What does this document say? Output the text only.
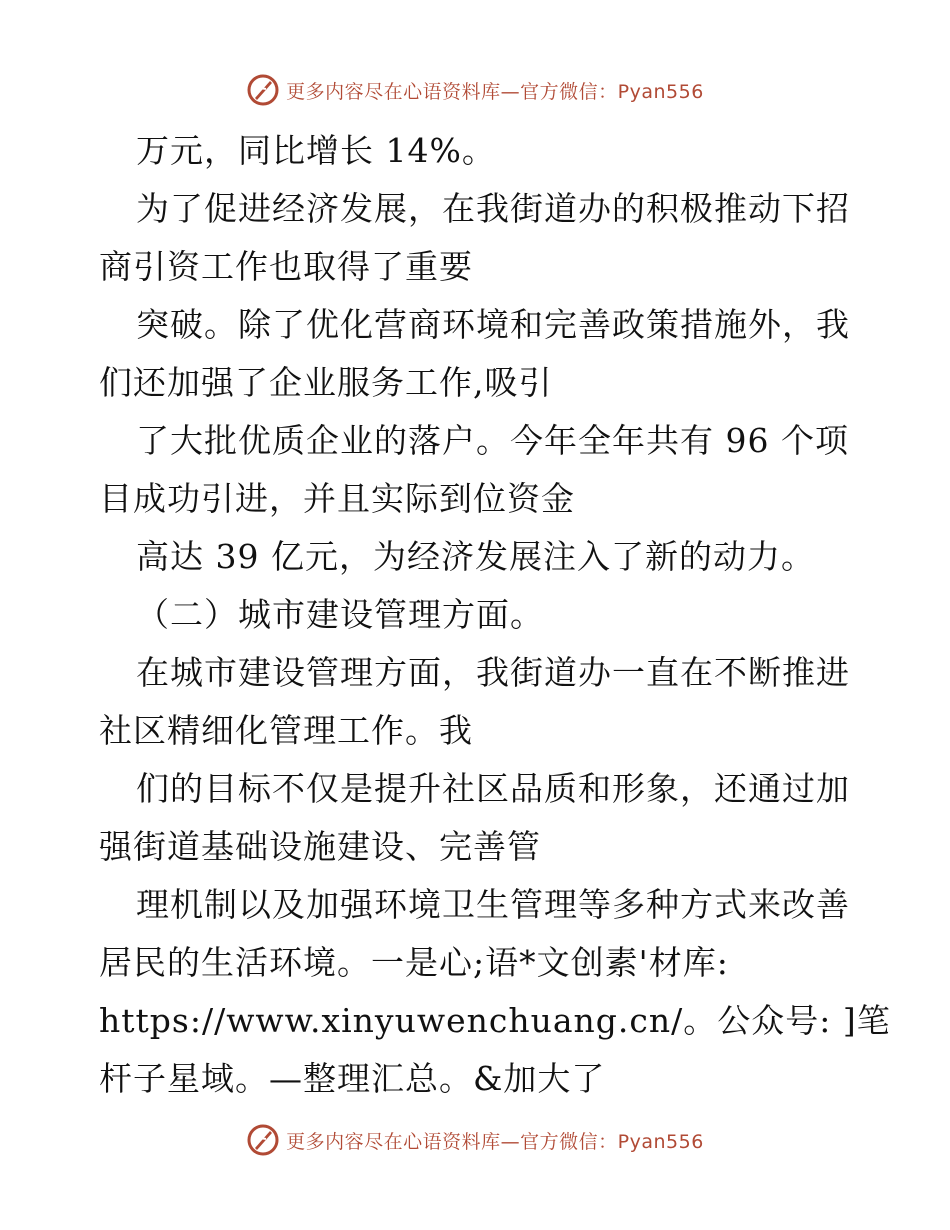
更多内容尽在心语资料库—官方微信：Pyan556
万元，同比增长 14%。
为了促进经济发展，在我街道办的积极推动下招
商引资工作也取得了重要
突破。除了优化营商环境和完善政策措施外，我
们还加强了企业服务工作,吸引
了大批优质企业的落户。今年全年共有 96 个项
目成功引进，并且实际到位资金
高达 39 亿元，为经济发展注入了新的动力。
（二）城市建设管理方面。
在城市建设管理方面，我街道办一直在不断推进
社区精细化管理工作。我
们的目标不仅是提升社区品质和形象，还通过加
强街道基础设施建设、完善管
理机制以及加强环境卫生管理等多种方式来改善
居民的生活环境。一是心;语*文创素'材库:
https://www.xinyuwenchuang.cn/。公众号: ]笔
杆子星域。—整理汇总。&加大了
更多内容尽在心语资料库—官方微信：Pyan556
